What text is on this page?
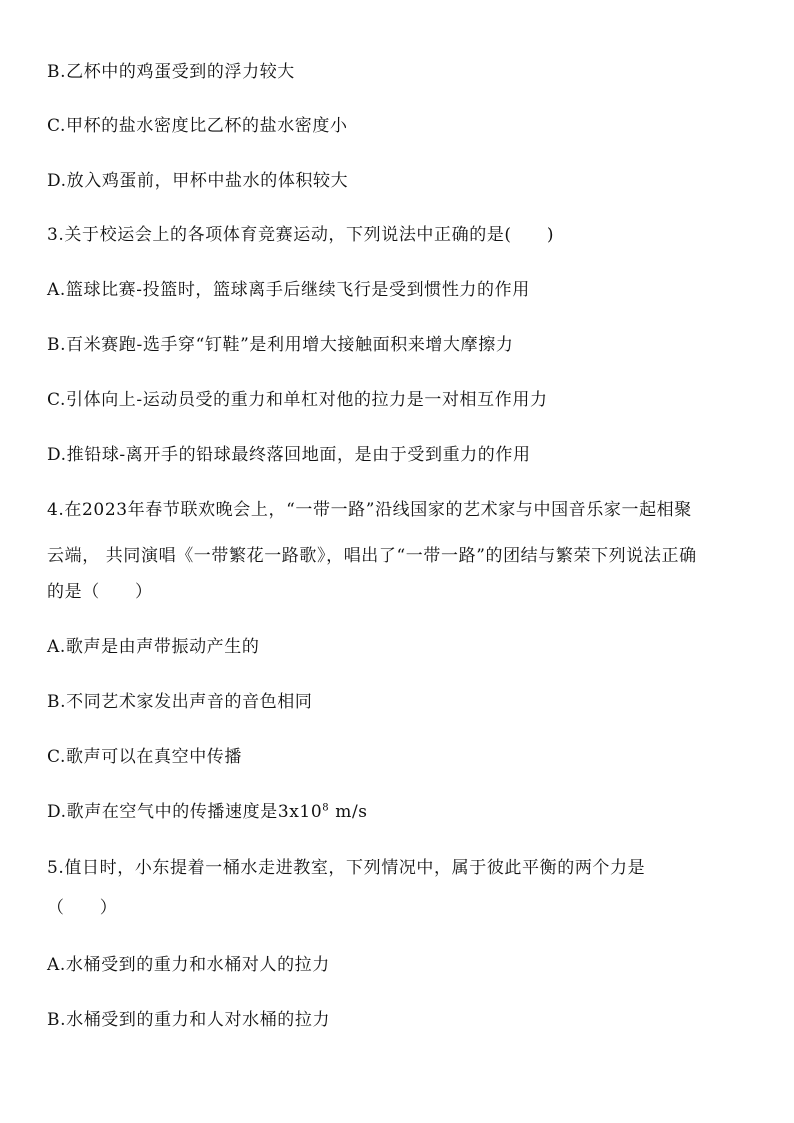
B.乙杯中的鸡蛋受到的浮力较大
C.甲杯的盐水密度比乙杯的盐水密度小
D.放入鸡蛋前，甲杯中盐水的体积较大
3.关于校运会上的各项体育竞赛运动，下列说法中正确的是(　　)
A.篮球比赛-投篮时，篮球离手后继续飞行是受到惯性力的作用
B.百米赛跑-选手穿“钉鞋”是利用增大接触面积来增大摩擦力
C.引体向上-运动员受的重力和单杠对他的拉力是一对相互作用力
D.推铅球-离开手的铅球最终落回地面，是由于受到重力的作用
4.在2023年春节联欢晚会上，“一带一路”沿线国家的艺术家与中国音乐家一起相聚
云端， 共同演唱《一带繁花一路歌》，唱出了“一带一路”的团结与繁荣下列说法正确
的是（　　）
A.歌声是由声带振动产生的
B.不同艺术家发出声音的音色相同
C.歌声可以在真空中传播
D.歌声在空气中的传播速度是$3x10^8$ m/s
5.值日时，小东提着一桶水走进教室，下列情况中，属于彼此平衡的两个力是
（　　）
A.水桶受到的重力和水桶对人的拉力
B.水桶受到的重力和人对水桶的拉力
